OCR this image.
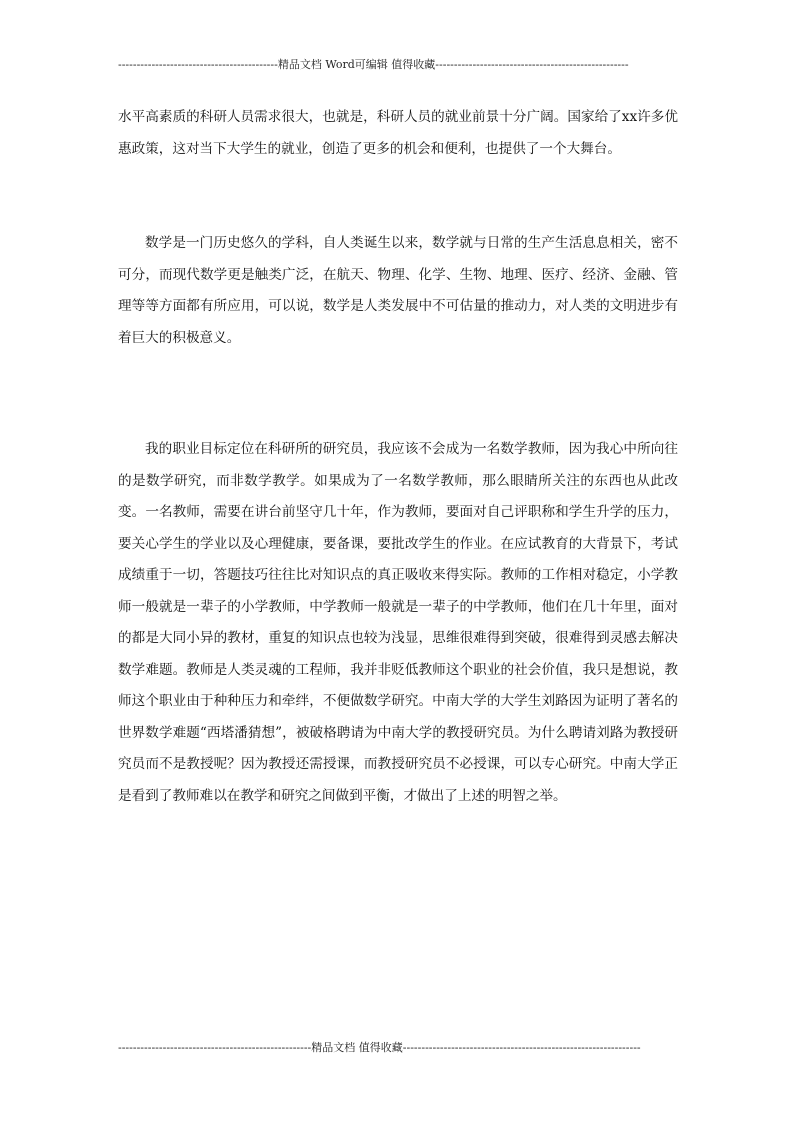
-------------------------------------------精品文档 Word可编辑 值得收藏----------------------------------------------------
水平高素质的科研人员需求很大，也就是，科研人员的就业前景十分广阔。国家给了xx许多优惠政策，这对当下大学生的就业，创造了更多的机会和便利，也提供了一个大舞台。
数学是一门历史悠久的学科，自人类诞生以来，数学就与日常的生产生活息息相关，密不可分，而现代数学更是触类广泛，在航天、物理、化学、生物、地理、医疗、经济、金融、管理等等方面都有所应用，可以说，数学是人类发展中不可估量的推动力，对人类的文明进步有着巨大的积极意义。
我的职业目标定位在科研所的研究员，我应该不会成为一名数学教师，因为我心中所向往的是数学研究，而非数学教学。如果成为了一名数学教师，那么眼睛所关注的东西也从此改变。一名教师，需要在讲台前坚守几十年，作为教师，要面对自己评职称和学生升学的压力，要关心学生的学业以及心理健康，要备课，要批改学生的作业。在应试教育的大背景下，考试成绩重于一切，答题技巧往往比对知识点的真正吸收来得实际。教师的工作相对稳定，小学教师一般就是一辈子的小学教师，中学教师一般就是一辈子的中学教师，他们在几十年里，面对的都是大同小异的教材，重复的知识点也较为浅显，思维很难得到突破，很难得到灵感去解决数学难题。教师是人类灵魂的工程师，我并非贬低教师这个职业的社会价值，我只是想说，教师这个职业由于种种压力和牵绊，不便做数学研究。中南大学的大学生刘路因为证明了著名的世界数学难题“西塔潘猜想”，被破格聘请为中南大学的教授研究员。为什么聘请刘路为教授研究员而不是教授呢？因为教授还需授课，而教授研究员不必授课，可以专心研究。中南大学正是看到了教师难以在教学和研究之间做到平衡，才做出了上述的明智之举。
----------------------------------------------------精品文档 值得收藏----------------------------------------------------------------
